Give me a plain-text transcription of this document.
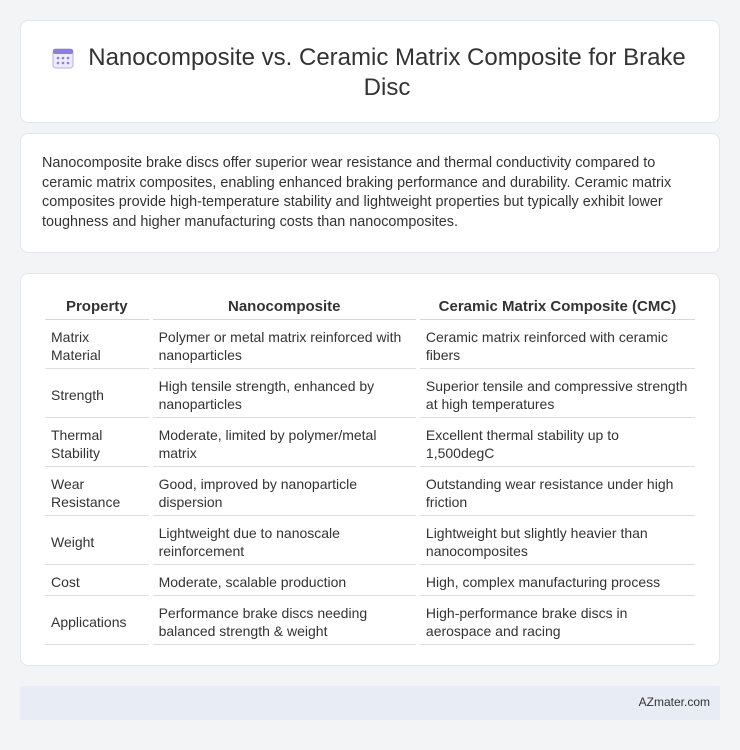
Nanocomposite vs. Ceramic Matrix Composite for Brake Disc

Nanocomposite brake discs offer superior wear resistance and thermal conductivity compared to ceramic matrix composites, enabling enhanced braking performance and durability. Ceramic matrix composites provide high-temperature stability and lightweight properties but typically exhibit lower toughness and higher manufacturing costs than nanocomposites.

Property	Nanocomposite	Ceramic Matrix Composite (CMC)
Matrix Material	Polymer or metal matrix reinforced with nanoparticles	Ceramic matrix reinforced with ceramic fibers
Strength	High tensile strength, enhanced by nanoparticles	Superior tensile and compressive strength at high temperatures
Thermal Stability	Moderate, limited by polymer/metal matrix	Excellent thermal stability up to 1,500degC
Wear Resistance	Good, improved by nanoparticle dispersion	Outstanding wear resistance under high friction
Weight	Lightweight due to nanoscale reinforcement	Lightweight but slightly heavier than nanocomposites
Cost	Moderate, scalable production	High, complex manufacturing process
Applications	Performance brake discs needing balanced strength & weight	High-performance brake discs in aerospace and racing
AZmater.com
